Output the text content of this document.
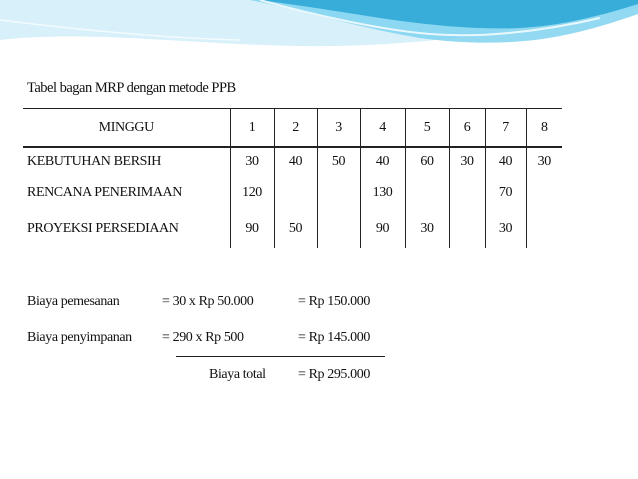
Tabel bagan MRP dengan metode PPB
MINGGU	1	2	3	4	5	6	7	8
KEBUTUHAN BERSIH	30	40	50	40	60	30	40	30
RENCANA PENERIMAAN	120			130			70	
PROYEKSI PERSEDIAAN	90	50		90	30		30	
Biaya pemesanan	= 30 x Rp 50.000	= Rp 150.000
Biaya penyimpanan = 290 x Rp 500	= Rp 145.000
Biaya total = Rp 295.000
